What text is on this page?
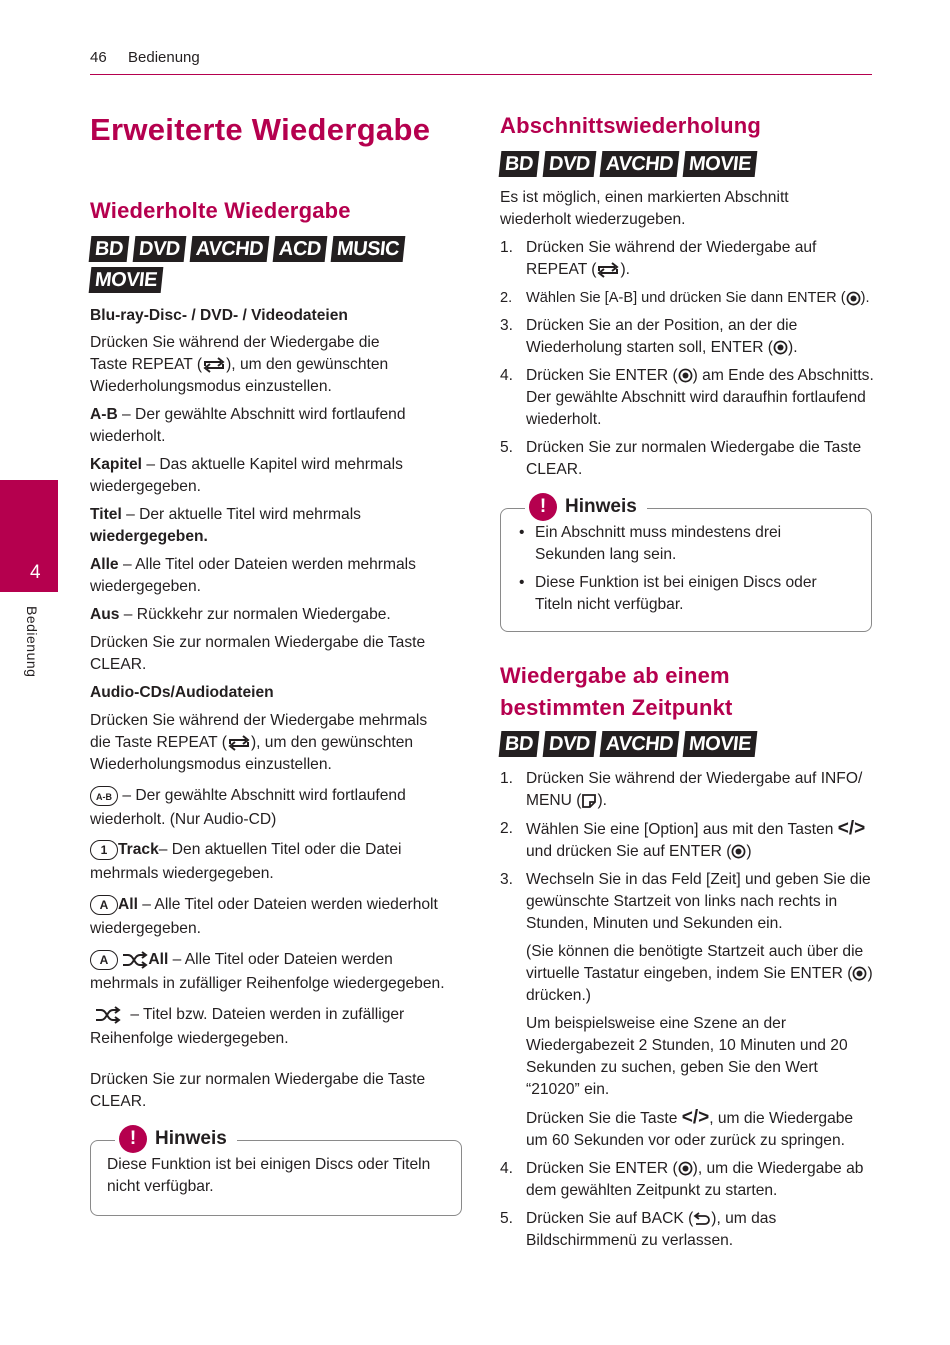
46 Bedienung
4
Bedienung
Erweiterte Wiedergabe
Wiederholte Wiedergabe
BD DVD AVCHD ACD MUSIC
MOVIE

Blu-ray-Disc- / DVD- / Videodateien

Drücken Sie während der Wiedergabe die Taste REPEAT ( ), um den gewünschten Wiederholungsmodus einzustellen.

A-B – Der gewählte Abschnitt wird fortlaufend wiederholt.

Kapitel – Das aktuelle Kapitel wird mehrmals wiedergegeben.

Titel – Der aktuelle Titel wird mehrmals wiedergegeben.

Alle – Alle Titel oder Dateien werden mehrmals wiedergegeben.

Aus – Rückkehr zur normalen Wiedergabe.

Drücken Sie zur normalen Wiedergabe die Taste CLEAR.

Audio-CDs/Audiodateien

Drücken Sie während der Wiedergabe mehrmals die Taste REPEAT ( ), um den gewünschten Wiederholungsmodus einzustellen.

A-B – Der gewählte Abschnitt wird fortlaufend wiederholt. (Nur Audio-CD)

1 Track– Den aktuellen Titel oder die Datei mehrmals wiedergegeben.

A All – Alle Titel oder Dateien werden wiederholt wiedergegeben.

A	All – Alle Titel oder Dateien werden mehrmals in zufälliger Reihenfolge wiedergegeben.

– Titel bzw. Dateien werden in zufälliger Reihenfolge wiedergegeben.

Drücken Sie zur normalen Wiedergabe die Taste CLEAR.

! Hinweis
Diese Funktion ist bei einigen Discs oder Titeln nicht verfügbar.
Abschnittswiederholung
BD DVD AVCHD MOVIE

Es ist möglich, einen markierten Abschnitt wiederholt wiederzugeben.

1. Drücken Sie während der Wiedergabe auf REPEAT ( ).
2. Wählen Sie [A-B] und drücken Sie dann ENTER ( ).
3. Drücken Sie an der Position, an der die Wiederholung starten soll, ENTER ( ).
4. Drücken Sie ENTER ( ) am Ende des Abschnitts. Der gewählte Abschnitt wird daraufhin fortlaufend wiederholt.
5. Drücken Sie zur normalen Wiedergabe die Taste CLEAR.
! Hinweis
• Ein Abschnitt muss mindestens drei Sekunden lang sein.
• Diese Funktion ist bei einigen Discs oder Titeln nicht verfügbar.
Wiedergabe ab einem
bestimmten Zeitpunkt
BD DVD AVCHD MOVIE
1. Drücken Sie während der Wiedergabe auf INFO/ MENU ( ).
2. Wählen Sie eine [Option] aus mit den Tasten </> und drücken Sie auf ENTER ( )
3. Wechseln Sie in das Feld [Zeit] und geben Sie die gewünschte Startzeit von links nach rechts in Stunden, Minuten und Sekunden ein.
(Sie können die benötigte Startzeit auch über die virtuelle Tastatur eingeben, indem Sie ENTER ( ) drücken.)
Um beispielsweise eine Szene an der Wiedergabezeit 2 Stunden, 10 Minuten und 20 Sekunden zu suchen, geben Sie den Wert “21020” ein.
Drücken Sie die Taste </>, um die Wiedergabe um 60 Sekunden vor oder zurück zu springen.
4. Drücken Sie ENTER ( ), um die Wiedergabe ab dem gewählten Zeitpunkt zu starten.
5. Drücken Sie auf BACK ( ), um das Bildschirmmenü zu verlassen.
